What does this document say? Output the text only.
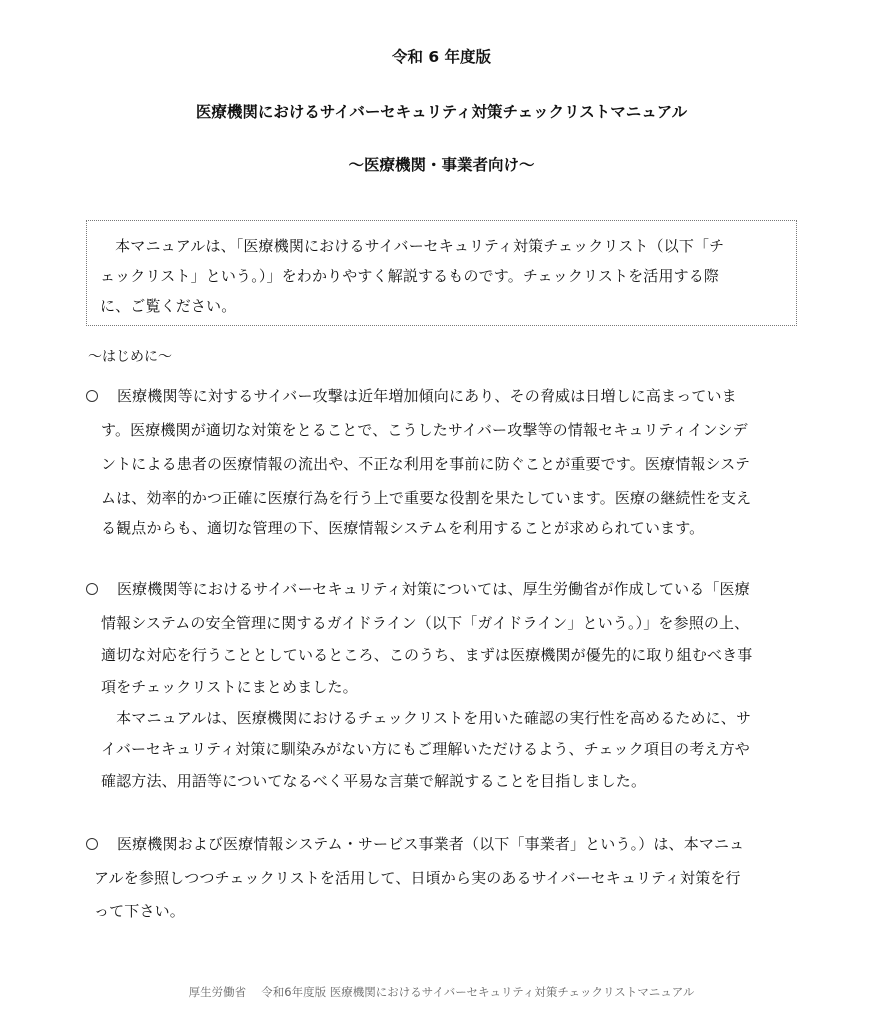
令和 6 年度版
医療機関におけるサイバーセキュリティ対策チェックリストマニュアル
～医療機関・事業者向け～
　本マニュアルは、「医療機関におけるサイバーセキュリティ対策チェックリスト（以下「チ
ェックリスト」という。）」をわかりやすく解説するものです。チェックリストを活用する際
に、ご覧ください。
～はじめに～
医療機関等に対するサイバー攻撃は近年増加傾向にあり、その脅威は日増しに高まっていま
す。医療機関が適切な対策をとることで、こうしたサイバー攻撃等の情報セキュリティインシデ
ントによる患者の医療情報の流出や、不正な利用を事前に防ぐことが重要です。医療情報システ
ムは、効率的かつ正確に医療行為を行う上で重要な役割を果たしています。医療の継続性を支え
る観点からも、適切な管理の下、医療情報システムを利用することが求められています。
医療機関等におけるサイバーセキュリティ対策については、厚生労働省が作成している「医療
情報システムの安全管理に関するガイドライン（以下「ガイドライン」という。）」を参照の上、
適切な対応を行うこととしているところ、このうち、まずは医療機関が優先的に取り組むべき事
項をチェックリストにまとめました。
　本マニュアルは、医療機関におけるチェックリストを用いた確認の実行性を高めるために、サ
イバーセキュリティ対策に馴染みがない方にもご理解いただけるよう、チェック項目の考え方や
確認方法、用語等についてなるべく平易な言葉で解説することを目指しました。
医療機関および医療情報システム・サービス事業者（以下「事業者」という。）は、本マニュ
アルを参照しつつチェックリストを活用して、日頃から実のあるサイバーセキュリティ対策を行
って下さい。
厚生労働省　 令和6年度版 医療機関におけるサイバーセキュリティ対策チェックリストマニュアル
